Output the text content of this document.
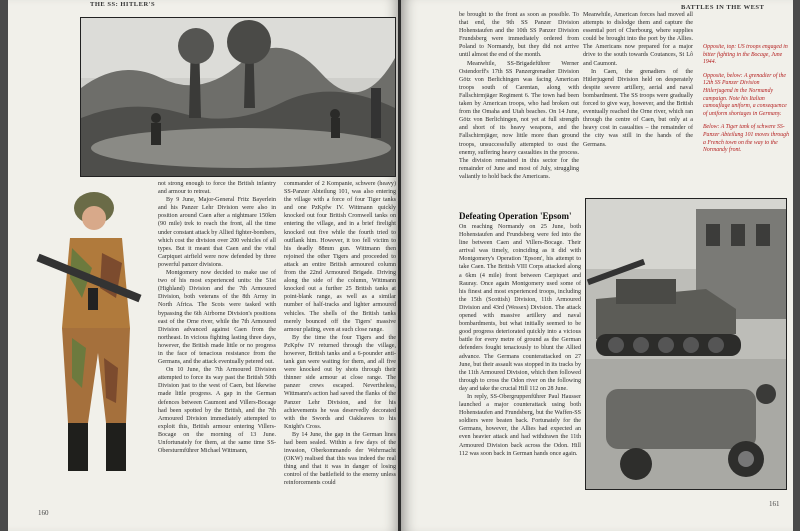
THE SS: HITLER'S

not strong enough to force the British infantry and armour to retreat.

By 9 June, Major-General Fritz Bayerlein and his Panzer Lehr Division were also in position around Caen after a nightmare 150km (90 mile) trek to reach the front, all the time under constant attack by Allied fighter-bombers, which cost the division over 200 vehicles of all types. But it meant that Caen and the vital Carpiquet airfield were now defended by three powerful panzer divisions.

Montgomery now decided to make use of two of his most experienced units: the 51st (Highland) Division and the 7th Armoured Division, both veterans of the 8th Army in North Africa. The Scots were tasked with bypassing the 6th Airborne Division's positions east of the Orne river, while the 7th Armoured Division advanced against Caen from the northeast. In vicious fighting lasting three days, however, the British made little or no progress in the face of tenacious resistance from the Germans, and the attack eventually petered out.

On 10 June, the 7th Armoured Division attempted to force its way past the British 50th Division just to the west of Caen, but likewise made little progress. A gap in the German defences between Caumont and Villers-Bocage had been spotted by the British, and the 7th Armoured Division immediately attempted to exploit this, British armour entering Villers-Bocage on the morning of 13 June. Unfortunately for them, at the same time SS-Obersturmführer Michael Wittmann,

commander of 2 Kompanie, schwere (heavy) SS-Panzer Abteilung 101, was also entering the village with a force of four Tiger tanks and one PzKpfw IV. Wittmann quickly knocked out four British Cromwell tanks on entering the village, and in a brief firelight knocked out five while the fourth tried to outflank him. However, it too fell victim to his deadly 88mm gun. Wittmann then rejoined the other Tigers and proceeded to attack an entire British armoured column from the 22nd Armoured Brigade. Driving along the side of the column, Wittmann knocked out a further 25 British tanks at point-blank range, as well as a similar number of half-tracks and lighter armoured vehicles. The shells of the British tanks merely bounced off the Tigers' massive armour plating, even at such close range.

By the time the four Tigers and the PzKpfw IV returned through the village, however, British tanks and a 6-pounder anti-tank gun were waiting for them, and all five were knocked out by shots through their thinner side armour at close range. The panzer crews escaped. Nevertheless, Wittmann's action had saved the flanks of the Panzer Lehr Division, and for his achievements he was deservedly decorated with the Swords and Oakleaves to his Knight's Cross.

By 14 June, the gap in the German lines had been sealed. Within a few days of the invasion, Oberkommando der Wehrmacht (OKW) realised that this was indeed the real thing and that it was in danger of losing control of the battlefield to the enemy unless reinforcements could

160
BATTLES IN THE WEST

be brought to the front as soon as possible. To that end, the 9th SS Panzer Division Hohenstaufen and the 10th SS Panzer Division Frundsberg were immediately ordered from Poland to Normandy, but they did not arrive until almost the end of the month.

Meanwhile, SS-Brigadeführer Werner Ostendorff's 17th SS Panzergrenadier Division Götz von Berlichingen was facing American troops south of Carentan, along with Fallschirmjäger Regiment 6. The town had been taken by American troops, who had broken out from the Omaha and Utah beaches. On 14 June, Götz von Berlichingen, not yet at full strength and short of its heavy weapons, and the Fallschirmjäger, now little more than ground troops, unsuccessfully attempted to oust the enemy, suffering heavy casualties in the process. The division remained in this sector for the remainder of June and most of July, struggling valiantly to hold back the Americans.

Meanwhile, American forces had moved all attempts to dislodge them and capture the essential port of Cherbourg, where supplies could be brought into the port by the Allies. The Americans now prepared for a major drive to the south towards Coutances, St Lô and Caumont.

In Caen, the grenadiers of the Hitlerjugend Division held on desperately despite severe artillery, aerial and naval bombardment. The SS troops were gradually forced to give way, however, and the British eventually reached the Orne river, which ran through the centre of Caen, but only at a heavy cost in casualties – the remainder of the city was still in the hands of the Germans.

Defeating Operation 'Epsom'

On reaching Normandy on 25 June, both Hohenstaufen and Frundsberg were fed into the line between Caen and Villers-Bocage. Their arrival was timely, coinciding as it did with Montgomery's Operation 'Epsom', his attempt to take Caen. The British VIII Corps attacked along a 6km (4 mile) front between Carpiquet and Rauray. Once again Montgomery used some of his finest and most experienced troops, including the 15th (Scottish) Division, 11th Armoured Division and 43rd (Wessex) Division. The attack opened with massive artillery and naval bombardments, but what initially seemed to be good progress deteriorated quickly into a vicious battle for every metre of ground as the German defenders fought tenaciously to blunt the Allied advance. The Germans counterattacked on 27 June, but their assault was stopped in its tracks by the 11th Armoured Division, which then followed through to cross the Odon river on the following day and take the crucial Hill 112 on 28 June.

In reply, SS-Obergruppenführer Paul Hausser launched a major counterattack using both Hohenstaufen and Frundsberg, but the Waffen-SS soldiers were beaten back. Fortunately for the Germans, however, the Allies had expected an even heavier attack and had withdrawn the 11th Armoured Division back across the Odon. Hill 112 was soon back in German hands once again.

Opposite, top: US troops engaged in bitter fighting in the Bocage, June 1944.

Opposite, below: A grenadier of the 12th SS Panzer Division Hitlerjugend in the Normandy campaign. Note his Italian camouflage uniform, a consequence of uniform shortages in Germany.

Below: A Tiger tank of schwere SS-Panzer Abteilung 101 moves through a French town on the way to the Normandy front.

161
